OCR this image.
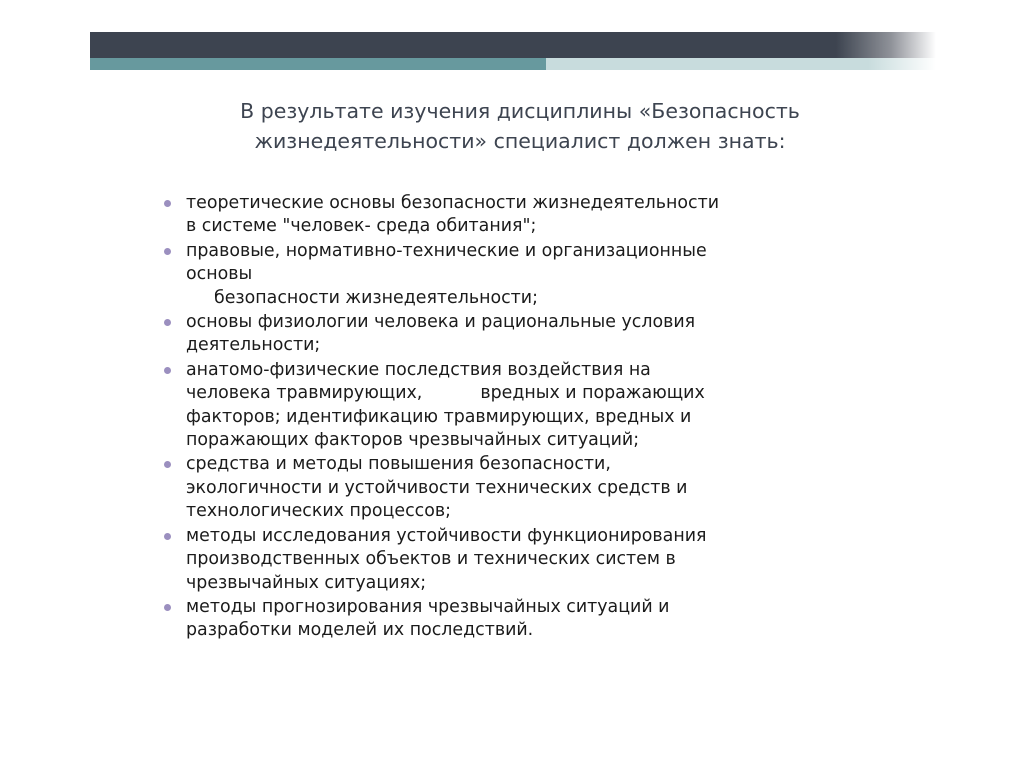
В результате изучения дисциплины «Безопасность жизнедеятельности» специалист должен знать:
теоретические основы безопасности жизнедеятельности
в системе "человек- среда обитания";
правовые, нормативно-технические и организационные
основы
безопасности жизнедеятельности;
основы физиологии человека и рациональные условия
деятельности;
анатомо-физические последствия воздействия на
человека травмирующих,	вредных и поражающих
факторов; идентификацию травмирующих, вредных и
поражающих факторов чрезвычайных ситуаций;
средства и методы повышения безопасности,
экологичности и устойчивости технических средств и
технологических процессов;
методы исследования устойчивости функционирования
производственных объектов и технических систем в
чрезвычайных ситуациях;
методы прогнозирования чрезвычайных ситуаций и
разработки моделей их последствий.
